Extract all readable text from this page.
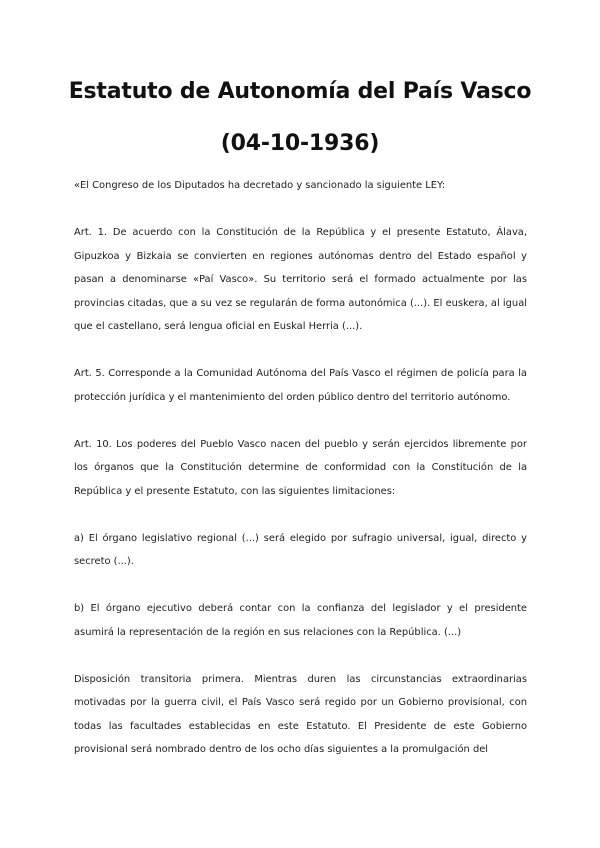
Estatuto de Autonomía del País Vasco
(04-10-1936)

«El Congreso de los Diputados ha decretado y sancionado la siguiente LEY:

Art. 1. De acuerdo con la Constitución de la República y el presente Estatuto, Álava, Gipuzkoa y Bizkaia se convierten en regiones autónomas dentro del Estado español y pasan a denominarse «Paí Vasco». Su territorio será el formado actualmente por las provincias citadas, que a su vez se regularán de forma autonómica (...). El euskera, al igual que el castellano, será lengua oficial en Euskal Herria (...).

Art. 5. Corresponde a la Comunidad Autónoma del País Vasco el régimen de policía para la protección jurídica y el mantenimiento del orden público dentro del territorio autónomo.

Art. 10. Los poderes del Pueblo Vasco nacen del pueblo y serán ejercidos libremente por los órganos que la Constitución determine de conformidad con la Constitución de la República y el presente Estatuto, con las siguientes limitaciones:

a) El órgano legislativo regional (...) será elegido por sufragio universal, igual, directo y secreto (...).

b) El órgano ejecutivo deberá contar con la confianza del legislador y el presidente asumirá la representación de la región en sus relaciones con la República. (...)

Disposición transitoria primera. Mientras duren las circunstancias extraordinarias motivadas por la guerra civil, el País Vasco será regido por un Gobierno provisional, con todas las facultades establecidas en este Estatuto. El Presidente de este Gobierno provisional será nombrado dentro de los ocho días siguientes a la promulgación del
